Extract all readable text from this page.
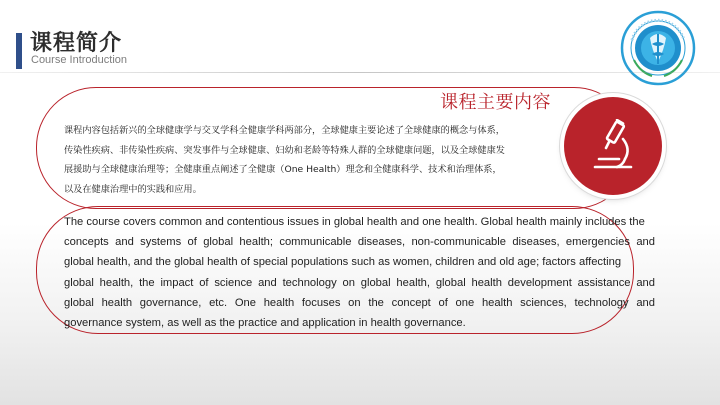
课程简介
Course Introduction
课程主要内容
课程内容包括新兴的全球健康学与交叉学科全健康学科两部分，全球健康主要论述了全球健康的概念与体系，
传染性疾病、非传染性疾病、突发事件与全球健康、妇幼和老龄等特殊人群的全球健康问题，以及全球健康发
展援助与全球健康治理等；全健康重点阐述了全健康（One Health）理念和全健康科学、技术和治理体系，
以及在健康治理中的实践和应用。
The course covers common and contentious issues in global health and one health. Global health mainly includes the
concepts and systems of global health; communicable diseases, non-communicable diseases, emergencies and
global health, and the global health of special populations such as women, children and old age; factors affecting
global health, the impact of science and technology on global health, global health development assistance and
global health governance, etc. One health focuses on the concept of one health sciences, technology and
governance system, as well as the practice and application in health governance.
